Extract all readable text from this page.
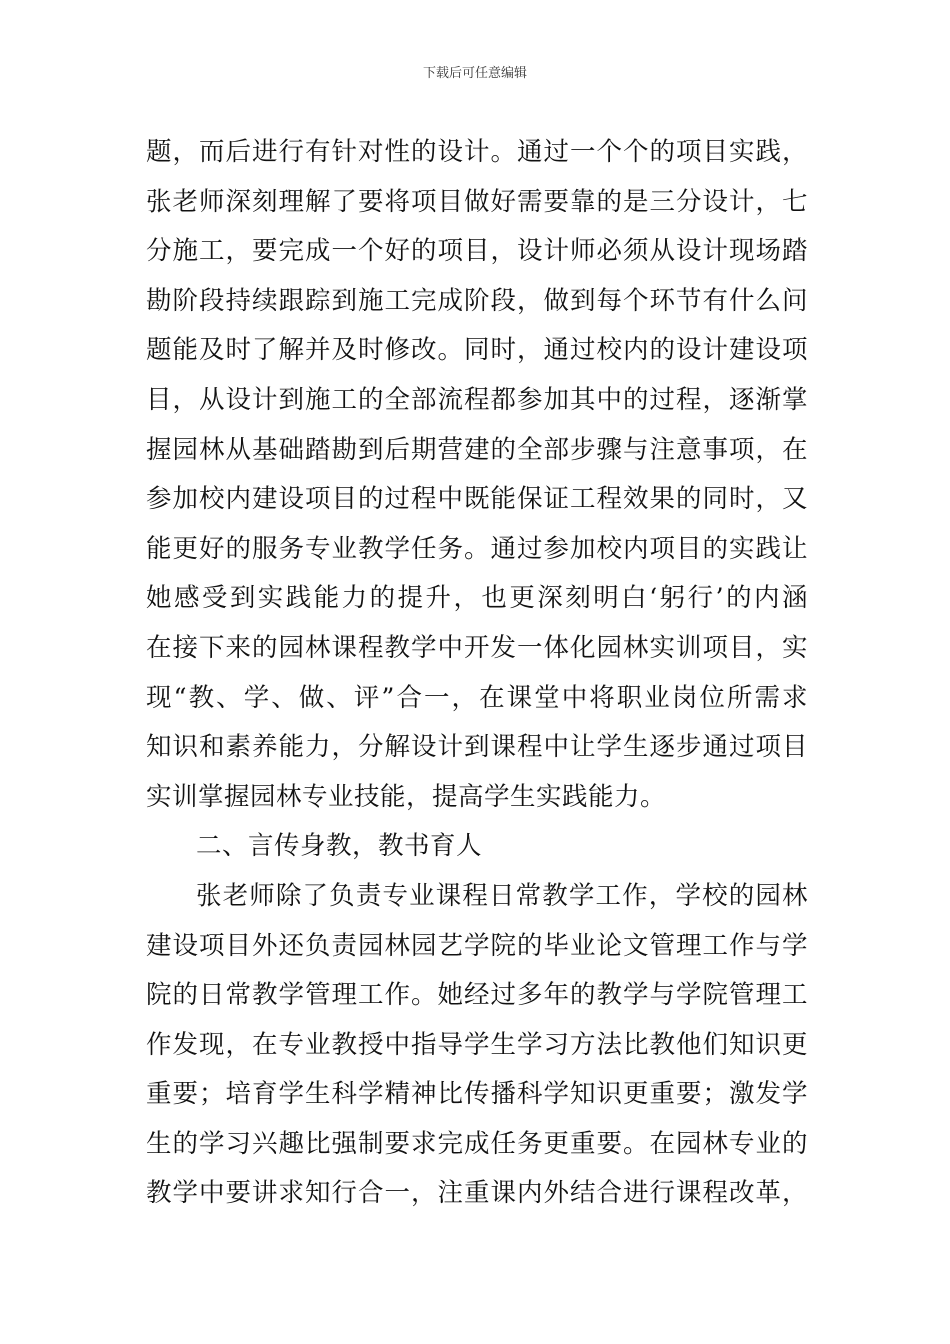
下载后可任意编辑
题，而后进行有针对性的设计。通过一个个的项目实践，
张老师深刻理解了要将项目做好需要靠的是三分设计，七
分施工，要完成一个好的项目，设计师必须从设计现场踏
勘阶段持续跟踪到施工完成阶段，做到每个环节有什么问
题能及时了解并及时修改。同时，通过校内的设计建设项
目，从设计到施工的全部流程都参加其中的过程，逐渐掌
握园林从基础踏勘到后期营建的全部步骤与注意事项，在
参加校内建设项目的过程中既能保证工程效果的同时，又
能更好的服务专业教学任务。通过参加校内项目的实践让
她感受到实践能力的提升，也更深刻明白‘躬行’的内涵
在接下来的园林课程教学中开发一体化园林实训项目，实
现“教、学、做、评”合一，在课堂中将职业岗位所需求
知识和素养能力，分解设计到课程中让学生逐步通过项目
实训掌握园林专业技能，提高学生实践能力。
二、言传身教，教书育人
张老师除了负责专业课程日常教学工作，学校的园林
建设项目外还负责园林园艺学院的毕业论文管理工作与学
院的日常教学管理工作。她经过多年的教学与学院管理工
作发现，在专业教授中指导学生学习方法比教他们知识更
重要；培育学生科学精神比传播科学知识更重要；激发学
生的学习兴趣比强制要求完成任务更重要。在园林专业的
教学中要讲求知行合一，注重课内外结合进行课程改革，
